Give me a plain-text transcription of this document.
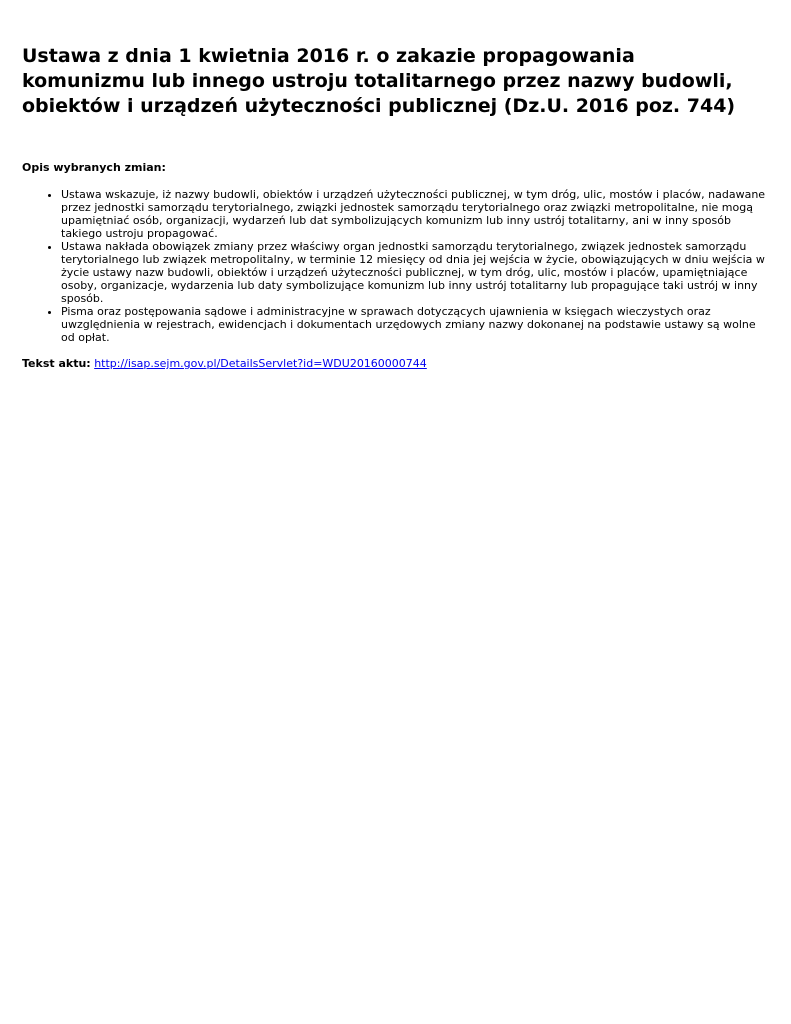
Ustawa z dnia 1 kwietnia 2016 r. o zakazie propagowania komunizmu lub innego ustroju totalitarnego przez nazwy budowli, obiektów i urządzeń użyteczności publicznej (Dz.U. 2016 poz. 744)

Opis wybranych zmian:

• Ustawa wskazuje, iż nazwy budowli, obiektów i urządzeń użyteczności publicznej, w tym dróg, ulic, mostów i placów, nadawane przez jednostki samorządu terytorialnego, związki jednostek samorządu terytorialnego oraz związki metropolitalne, nie mogą upamiętniać osób, organizacji, wydarzeń lub dat symbolizujących komunizm lub inny ustrój totalitarny, ani w inny sposób takiego ustroju propagować.
• Ustawa nakłada obowiązek zmiany przez właściwy organ jednostki samorządu terytorialnego, związek jednostek samorządu terytorialnego lub związek metropolitalny, w terminie 12 miesięcy od dnia jej wejścia w życie, obowiązujących w dniu wejścia w życie ustawy nazw budowli, obiektów i urządzeń użyteczności publicznej, w tym dróg, ulic, mostów i placów, upamiętniające osoby, organizacje, wydarzenia lub daty symbolizujące komunizm lub inny ustrój totalitarny lub propagujące taki ustrój w inny sposób.
• Pisma oraz postępowania sądowe i administracyjne w sprawach dotyczących ujawnienia w księgach wieczystych oraz uwzględnienia w rejestrach, ewidencjach i dokumentach urzędowych zmiany nazwy dokonanej na podstawie ustawy są wolne od opłat.

Tekst aktu: http://isap.sejm.gov.pl/DetailsServlet?id=WDU20160000744
